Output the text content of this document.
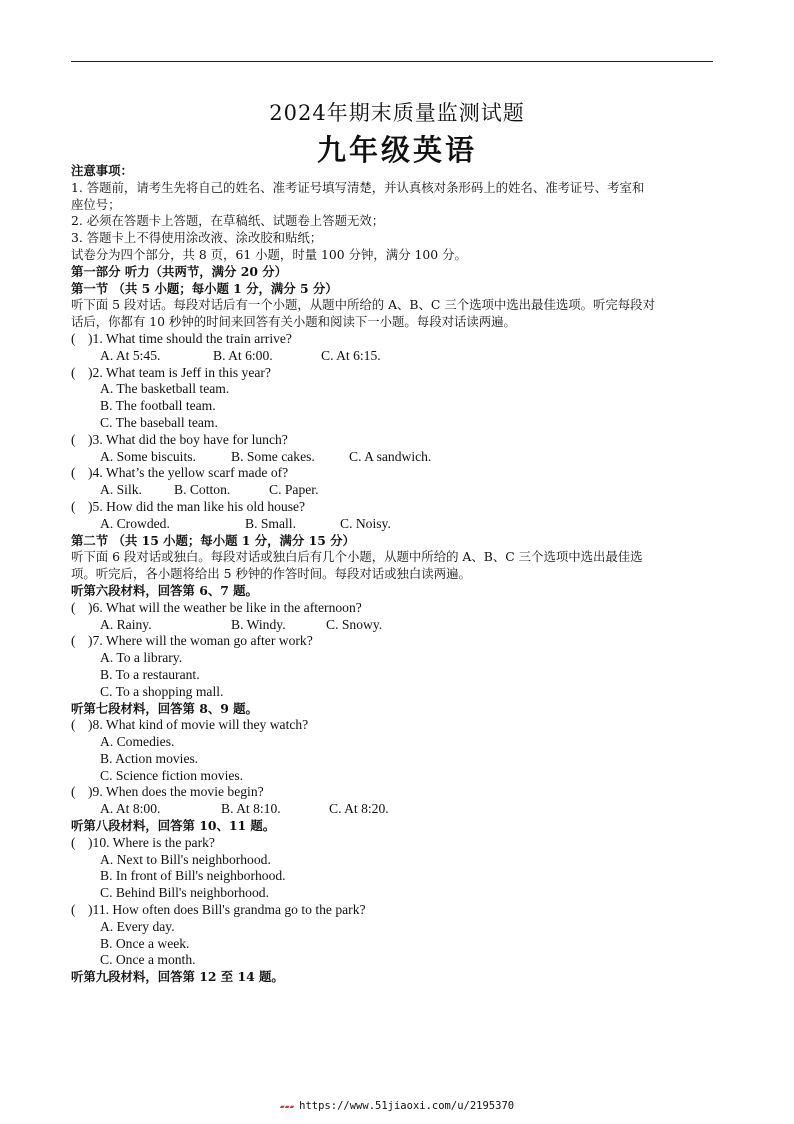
2024年期末质量监测试题
九年级英语
注意事项：
1. 答题前，请考生先将自己的姓名、准考证号填写清楚，并认真核对条形码上的姓名、准考证号、考室和
座位号；
2. 必须在答题卡上答题，在草稿纸、试题卷上答题无效；
3. 答题卡上不得使用涂改液、涂改胶和贴纸；
试卷分为四个部分，共 8 页，61 小题，时量 100 分钟，满分 100 分。
第一部分 听力（共两节，满分 20 分）
第一节 （共 5 小题；每小题 1 分，满分 5 分）
听下面 5 段对话。每段对话后有一个小题，从题中所给的 A、B、C 三个选项中选出最佳选项。听完每段对
话后，你都有 10 秒钟的时间来回答有关小题和阅读下一小题。每段对话读两遍。
( )1. What time should the train arrive?
A. At 5:45.	B. At 6:00.	C. At 6:15.
( )2. What team is Jeff in this year?
A. The basketball team.
B. The football team.
C. The baseball team.
( )3. What did the boy have for lunch?
A. Some biscuits.	B. Some cakes.	C. A sandwich.
( )4. What’s the yellow scarf made of?
A. Silk. B. Cotton.	C. Paper.
( )5. How did the man like his old house?
A. Crowded.	B. Small.	C. Noisy.
第二节 （共 15 小题；每小题 1 分，满分 15 分）
听下面 6 段对话或独白。每段对话或独白后有几个小题，从题中所给的 A、B、C 三个选项中选出最佳选
项。听完后，各小题将给出 5 秒钟的作答时间。每段对话或独白读两遍。
听第六段材料，回答第 6、7 题。
( )6. What will the weather be like in the afternoon?
A. Rainy.	B. Windy.	C. Snowy.
( )7. Where will the woman go after work?
A. To a library.
B. To a restaurant.
C. To a shopping mall.
听第七段材料，回答第 8、9 题。
( )8. What kind of movie will they watch?
A. Comedies.
B. Action movies.
C. Science fiction movies.
( )9. When does the movie begin?
A. At 8:00.	B. At 8:10.	C. At 8:20.
听第八段材料，回答第 10、11 题。
( )10. Where is the park?
A. Next to Bill's neighborhood.
B. In front of Bill's neighborhood.
C. Behind Bill's neighborhood.
( )11. How often does Bill's grandma go to the park?
A. Every day.
B. Once a week.
C. Once a month.
听第九段材料，回答第 12 至 14 题。
▰▰▰ https://www.51jiaoxi.com/u/2195370
